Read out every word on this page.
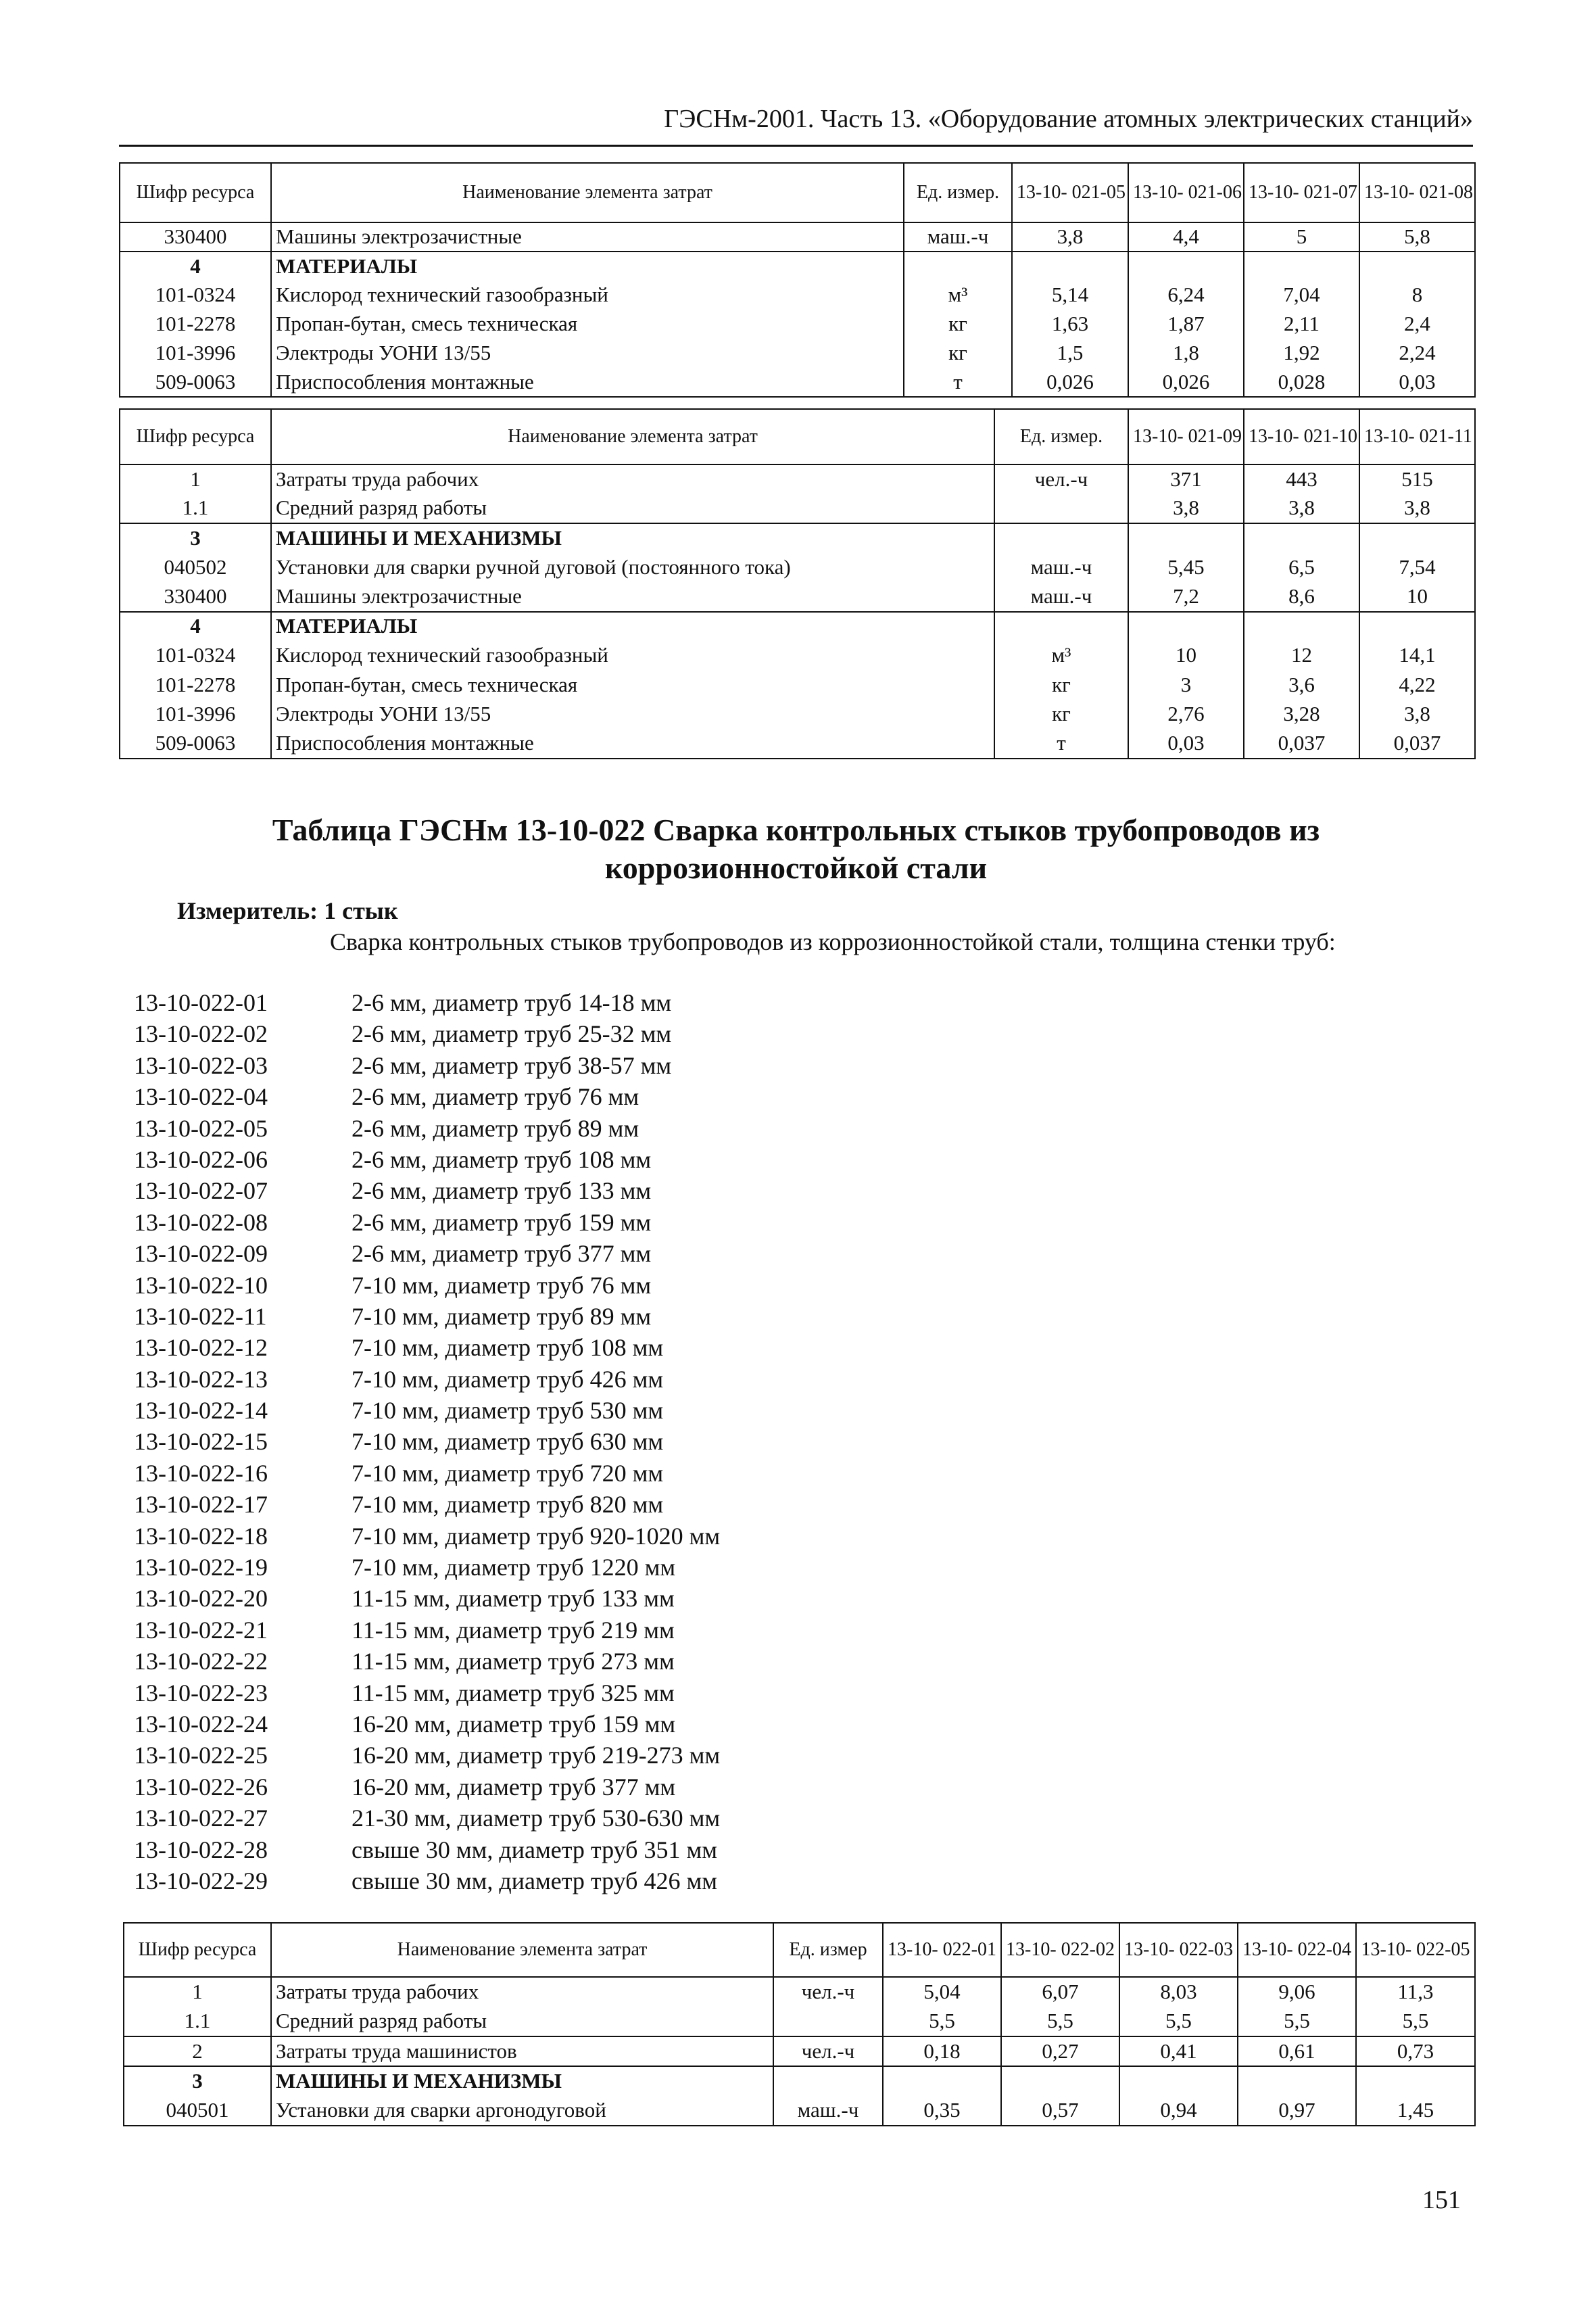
ГЭСНм-2001. Часть 13. «Оборудование атомных электрических станций»
Шифр ресурса	Наименование элемента затрат	Ед. измер.	13-10- 021-05	13-10- 021-06	13-10- 021-07	13-10- 021-08
330400	Машины электрозачистные	маш.-ч	3,8	4,4	5	5,8
4	МАТЕРИАЛЫ					
101-0324	Кислород технический газообразный	м³	5,14	6,24	7,04	8
101-2278	Пропан-бутан, смесь техническая	кг	1,63	1,87	2,11	2,4
101-3996	Электроды УОНИ 13/55	кг	1,5	1,8	1,92	2,24
509-0063	Приспособления монтажные	т	0,026	0,026	0,028	0,03
Шифр ресурса	Наименование элемента затрат	Ед. измер.	13-10- 021-09	13-10- 021-10	13-10- 021-11
1	Затраты труда рабочих	чел.-ч	371	443	515
1.1	Средний разряд работы		3,8	3,8	3,8
3	МАШИНЫ И МЕХАНИЗМЫ				
040502	Установки для сварки ручной дуговой (постоянного тока)	маш.-ч	5,45	6,5	7,54
330400	Машины электрозачистные	маш.-ч	7,2	8,6	10
4	МАТЕРИАЛЫ				
101-0324	Кислород технический газообразный	м³	10	12	14,1
101-2278	Пропан-бутан, смесь техническая	кг	3	3,6	4,22
101-3996	Электроды УОНИ 13/55	кг	2,76	3,28	3,8
509-0063	Приспособления монтажные	т	0,03	0,037	0,037
Таблица ГЭСНм 13-10-022 Сварка контрольных стыков трубопроводов из
коррозионностойкой стали
Измеритель: 1 стык
Сварка контрольных стыков трубопроводов из коррозионностойкой стали, толщина стенки труб:
13-10-022-01	2-6 мм, диаметр труб 14-18 мм
13-10-022-02	2-6 мм, диаметр труб 25-32 мм
13-10-022-03	2-6 мм, диаметр труб 38-57 мм
13-10-022-04	2-6 мм, диаметр труб 76 мм
13-10-022-05	2-6 мм, диаметр труб 89 мм
13-10-022-06	2-6 мм, диаметр труб 108 мм
13-10-022-07	2-6 мм, диаметр труб 133 мм
13-10-022-08	2-6 мм, диаметр труб 159 мм
13-10-022-09	2-6 мм, диаметр труб 377 мм
13-10-022-10	7-10 мм, диаметр труб 76 мм
13-10-022-11	7-10 мм, диаметр труб 89 мм
13-10-022-12	7-10 мм, диаметр труб 108 мм
13-10-022-13	7-10 мм, диаметр труб 426 мм
13-10-022-14	7-10 мм, диаметр труб 530 мм
13-10-022-15	7-10 мм, диаметр труб 630 мм
13-10-022-16	7-10 мм, диаметр труб 720 мм
13-10-022-17	7-10 мм, диаметр труб 820 мм
13-10-022-18	7-10 мм, диаметр труб 920-1020 мм
13-10-022-19	7-10 мм, диаметр труб 1220 мм
13-10-022-20	11-15 мм, диаметр труб 133 мм
13-10-022-21	11-15 мм, диаметр труб 219 мм
13-10-022-22	11-15 мм, диаметр труб 273 мм
13-10-022-23	11-15 мм, диаметр труб 325 мм
13-10-022-24	16-20 мм, диаметр труб 159 мм
13-10-022-25	16-20 мм, диаметр труб 219-273 мм
13-10-022-26	16-20 мм, диаметр труб 377 мм
13-10-022-27	21-30 мм, диаметр труб 530-630 мм
13-10-022-28	свыше 30 мм, диаметр труб 351 мм
13-10-022-29	свыше 30 мм, диаметр труб 426 мм
Шифр ресурса	Наименование элемента затрат	Ед. измер	13-10- 022-01	13-10- 022-02	13-10- 022-03	13-10- 022-04	13-10- 022-05
1	Затраты труда рабочих	чел.-ч	5,04	6,07	8,03	9,06	11,3
1.1	Средний разряд работы		5,5	5,5	5,5	5,5	5,5
2	Затраты труда машинистов	чел.-ч	0,18	0,27	0,41	0,61	0,73
3	МАШИНЫ И МЕХАНИЗМЫ						
040501	Установки для сварки аргонодуговой	маш.-ч	0,35	0,57	0,94	0,97	1,45
151
